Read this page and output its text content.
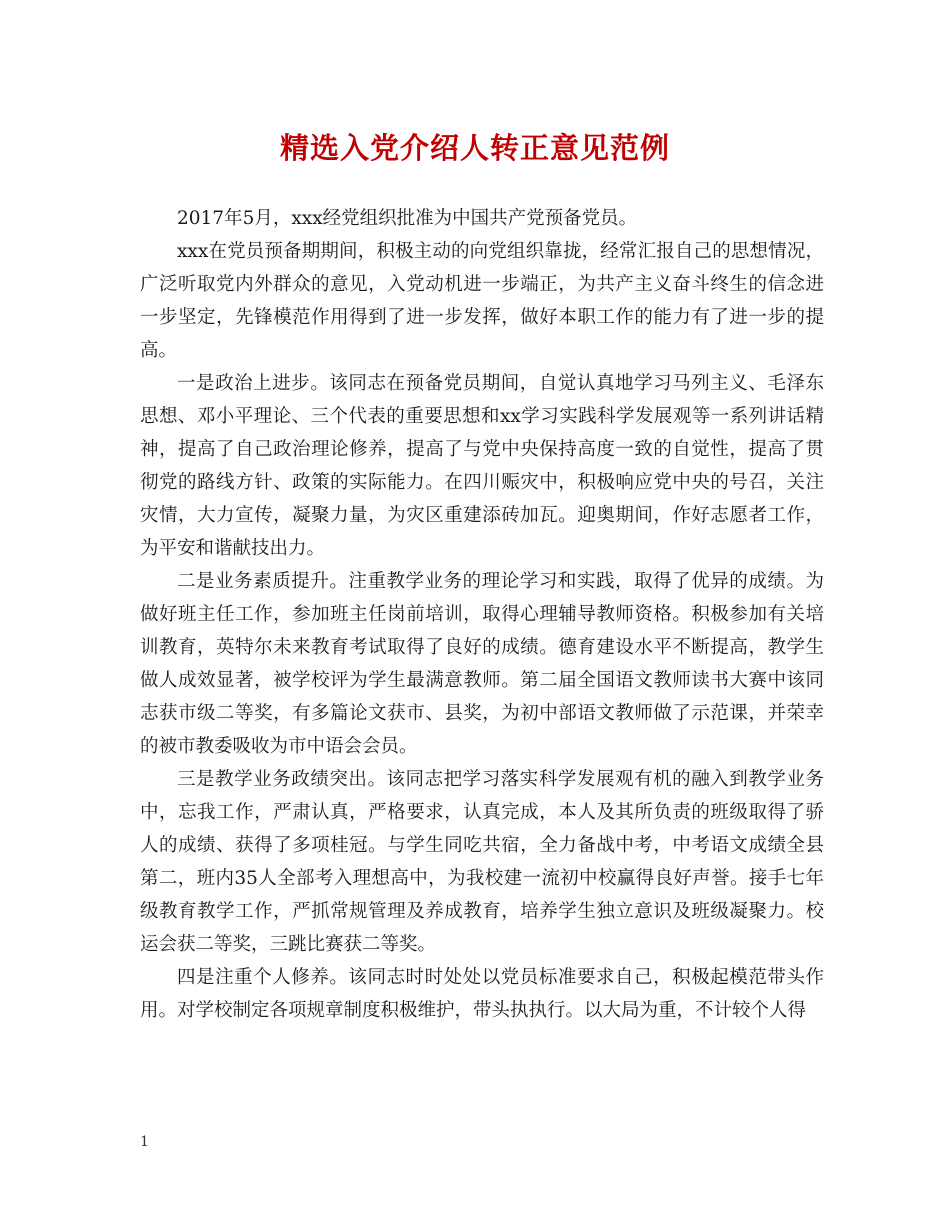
精选入党介绍人转正意见范例

2017年5月，xxx经党组织批准为中国共产党预备党员。

xxx在党员预备期期间，积极主动的向党组织靠拢，经常汇报自己的思想情况，广泛听取党内外群众的意见，入党动机进一步端正，为共产主义奋斗终生的信念进一步坚定，先锋模范作用得到了进一步发挥，做好本职工作的能力有了进一步的提高。

一是政治上进步。该同志在预备党员期间，自觉认真地学习马列主义、毛泽东思想、邓小平理论、三个代表的重要思想和xx学习实践科学发展观等一系列讲话精神，提高了自己政治理论修养，提高了与党中央保持高度一致的自觉性，提高了贯彻党的路线方针、政策的实际能力。在四川赈灾中，积极响应党中央的号召，关注灾情，大力宣传，凝聚力量，为灾区重建添砖加瓦。迎奥期间，作好志愿者工作，为平安和谐献技出力。

二是业务素质提升。注重教学业务的理论学习和实践，取得了优异的成绩。为做好班主任工作，参加班主任岗前培训，取得心理辅导教师资格。积极参加有关培训教育，英特尔未来教育考试取得了良好的成绩。德育建设水平不断提高，教学生做人成效显著，被学校评为学生最满意教师。第二届全国语文教师读书大赛中该同志获市级二等奖，有多篇论文获市、县奖，为初中部语文教师做了示范课，并荣幸的被市教委吸收为市中语会会员。

三是教学业务政绩突出。该同志把学习落实科学发展观有机的融入到教学业务中，忘我工作，严肃认真，严格要求，认真完成，本人及其所负责的班级取得了骄人的成绩、获得了多项桂冠。与学生同吃共宿，全力备战中考，中考语文成绩全县第二，班内35人全部考入理想高中，为我校建一流初中校赢得良好声誉。接手七年级教育教学工作，严抓常规管理及养成教育，培养学生独立意识及班级凝聚力。校运会获二等奖，三跳比赛获二等奖。

四是注重个人修养。该同志时时处处以党员标准要求自己，积极起模范带头作用。对学校制定各项规章制度积极维护，带头执执行。以大局为重，不计较个人得

1
